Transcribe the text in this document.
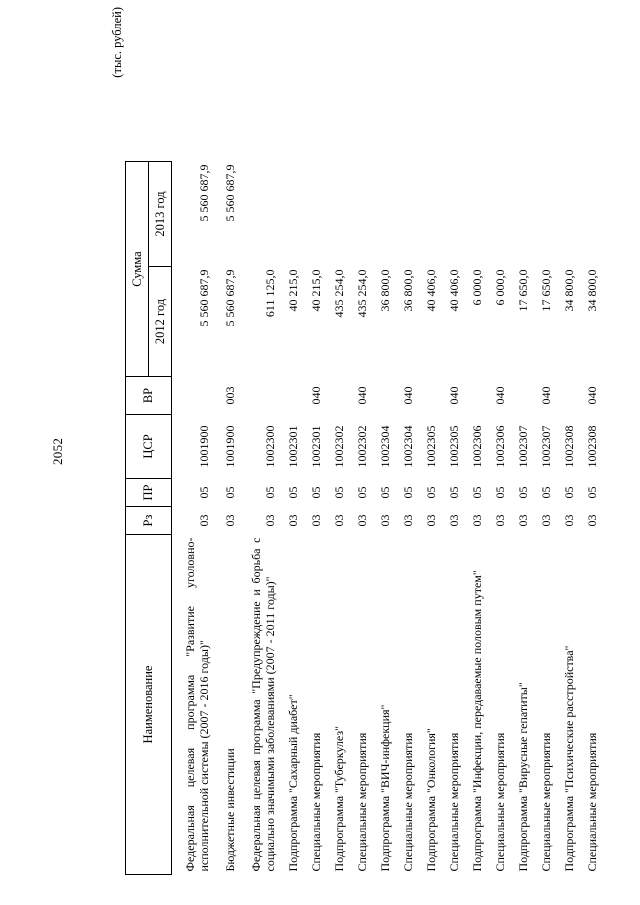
2052
(тыс. рублей)
Наименование	Рз	ПР	ЦСР	ВР	Сумма	
					2012 год	2013 год

Федеральная целевая программа "Развитие уголовно-исполнительной системы (2007 - 2016 годы)"	03	05	1001900		5 560 687,9	5 560 687,9

Бюджетные инвестиции	03	05	1001900	003	5 560 687,9	5 560 687,9

Федеральная целевая программа "Предупреждение и борьба с социально значимыми заболеваниями (2007 - 2011 годы)"	03	05	1002300		611 125,0	

Подпрограмма "Сахарный диабет"	03	05	1002301		40 215,0	

Специальные мероприятия	03	05	1002301	040	40 215,0	

Подпрограмма "Туберкулез"	03	05	1002302		435 254,0	

Специальные мероприятия	03	05	1002302	040	435 254,0	

Подпрограмма "ВИЧ-инфекция"	03	05	1002304		36 800,0	

Специальные мероприятия	03	05	1002304	040	36 800,0	

Подпрограмма "Онкология"	03	05	1002305		40 406,0	

Специальные мероприятия	03	05	1002305	040	40 406,0	

Подпрограмма "Инфекции, передаваемые половым путем"	03	05	1002306		6 000,0	

Специальные мероприятия	03	05	1002306	040	6 000,0	

Подпрограмма "Вирусные гепатиты"	03	05	1002307		17 650,0	

Специальные мероприятия	03	05	1002307	040	17 650,0	

Подпрограмма "Психические расстройства"	03	05	1002308		34 800,0	

Специальные мероприятия	03	05	1002308	040	34 800,0	
